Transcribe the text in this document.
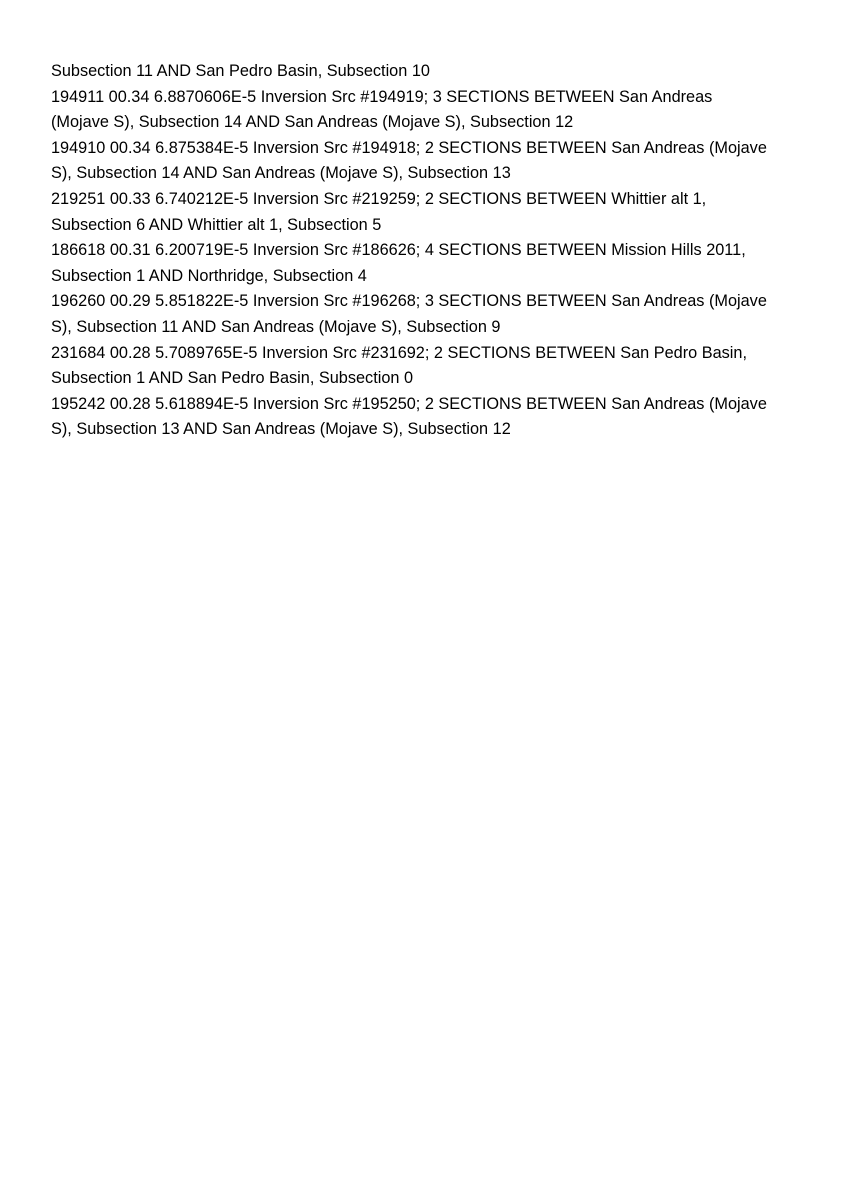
Subsection 11 AND San Pedro Basin, Subsection 10
194911 00.34 6.8870606E-5 Inversion Src #194919; 3 SECTIONS BETWEEN San Andreas
(Mojave S), Subsection 14 AND San Andreas (Mojave S), Subsection 12
194910 00.34 6.875384E-5 Inversion Src #194918; 2 SECTIONS BETWEEN San Andreas (Mojave
S), Subsection 14 AND San Andreas (Mojave S), Subsection 13
219251 00.33 6.740212E-5 Inversion Src #219259; 2 SECTIONS BETWEEN Whittier alt 1,
Subsection 6 AND Whittier alt 1, Subsection 5
186618 00.31 6.200719E-5 Inversion Src #186626; 4 SECTIONS BETWEEN Mission Hills 2011,
Subsection 1 AND Northridge, Subsection 4
196260 00.29 5.851822E-5 Inversion Src #196268; 3 SECTIONS BETWEEN San Andreas (Mojave
S), Subsection 11 AND San Andreas (Mojave S), Subsection 9
231684 00.28 5.7089765E-5 Inversion Src #231692; 2 SECTIONS BETWEEN San Pedro Basin,
Subsection 1 AND San Pedro Basin, Subsection 0
195242 00.28 5.618894E-5 Inversion Src #195250; 2 SECTIONS BETWEEN San Andreas (Mojave
S), Subsection 13 AND San Andreas (Mojave S), Subsection 12
